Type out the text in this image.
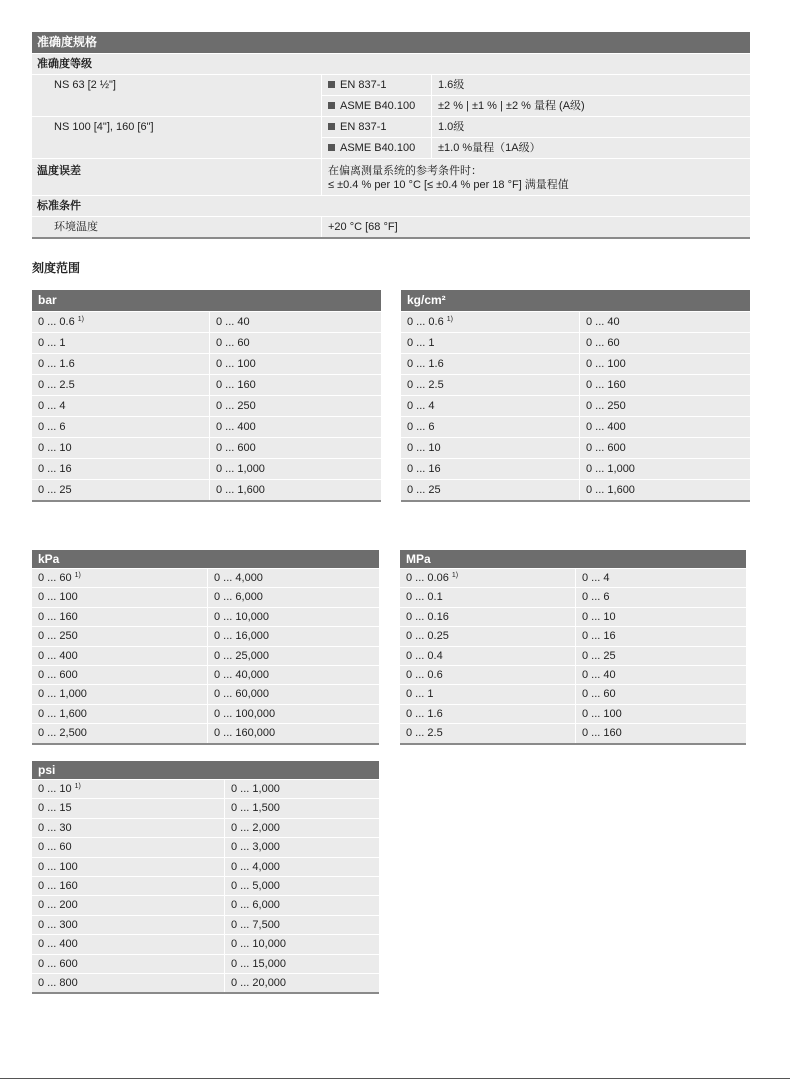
准确度规格
准确度等级
NS 63 [2 ½"]	EN 837-1	1.6级
ASME B40.100	±2 % | ±1 % | ±2 % 量程 (A级)
NS 100 [4"], 160 [6"]	EN 837-1	1.0级
ASME B40.100	±1.0 %量程（1A级）
温度误差	在偏离测量系统的参考条件时：
≤ ±0.4 % per 10 °C [≤ ±0.4 % per 18 °F] 满量程值
标准条件
环境温度	+20 °C [68 °F]
刻度范围
bar
0 ... 0.6 $^{1)}$	0 ... 40
0 ... 1	0 ... 60
0 ... 1.6	0 ... 100
0 ... 2.5	0 ... 160
0 ... 4	0 ... 250
0 ... 6	0 ... 400
0 ... 10	0 ... 600
0 ... 16	0 ... 1,000
0 ... 25	0 ... 1,600
kg/cm²
0 ... 0.6 $^{1)}$	0 ... 40
0 ... 1	0 ... 60
0 ... 1.6	0 ... 100
0 ... 2.5	0 ... 160
0 ... 4	0 ... 250
0 ... 6	0 ... 400
0 ... 10	0 ... 600
0 ... 16	0 ... 1,000
0 ... 25	0 ... 1,600
kPa
0 ... 60 $^{1)}$	0 ... 4,000
0 ... 100	0 ... 6,000
0 ... 160	0 ... 10,000
0 ... 250	0 ... 16,000
0 ... 400	0 ... 25,000
0 ... 600	0 ... 40,000
0 ... 1,000	0 ... 60,000
0 ... 1,600	0 ... 100,000
0 ... 2,500	0 ... 160,000
MPa
0 ... 0.06 $^{1)}$	0 ... 4
0 ... 0.1	0 ... 6
0 ... 0.16	0 ... 10
0 ... 0.25	0 ... 16
0 ... 0.4	0 ... 25
0 ... 0.6	0 ... 40
0 ... 1	0 ... 60
0 ... 1.6	0 ... 100
0 ... 2.5	0 ... 160
psi
0 ... 10 $^{1)}$	0 ... 1,000
0 ... 15	0 ... 1,500
0 ... 30	0 ... 2,000
0 ... 60	0 ... 3,000
0 ... 100	0 ... 4,000
0 ... 160	0 ... 5,000
0 ... 200	0 ... 6,000
0 ... 300	0 ... 7,500
0 ... 400	0 ... 10,000
0 ... 600	0 ... 15,000
0 ... 800	0 ... 20,000
